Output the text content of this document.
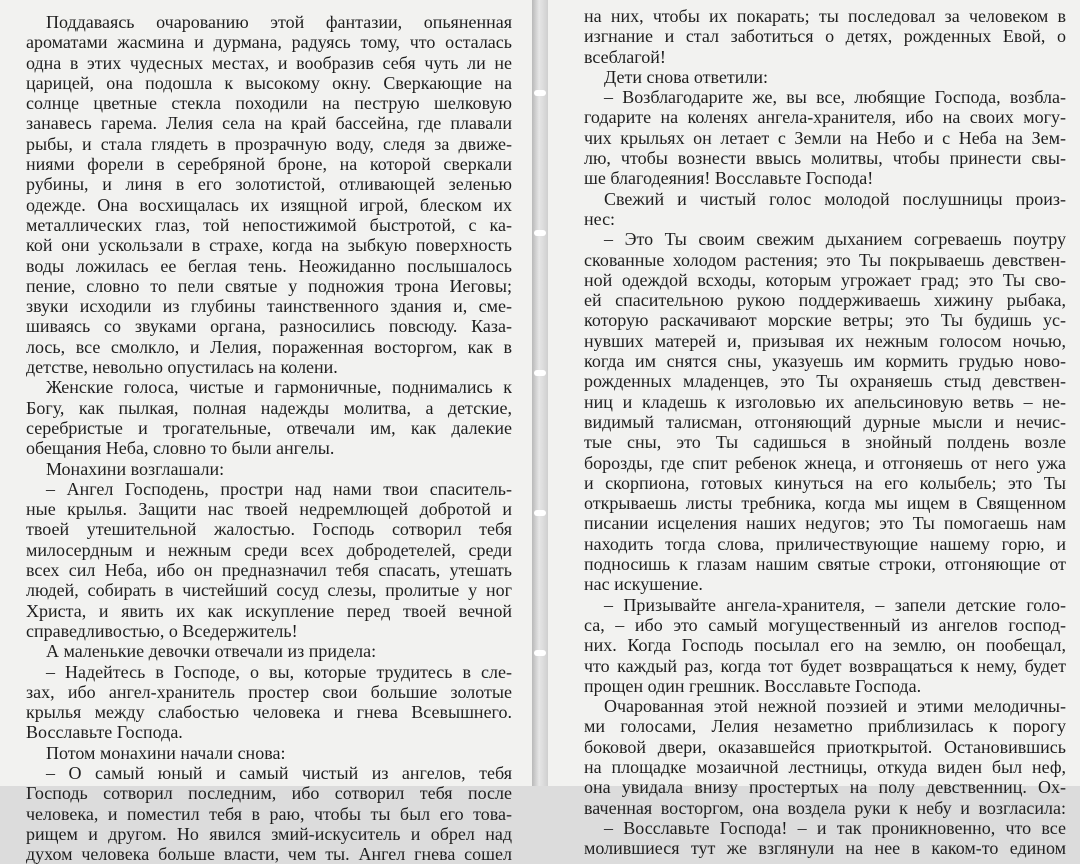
Поддаваясь очарованию этой фантазии, опьяненная
ароматами жасмина и дурмана, радуясь тому, что осталась
одна в этих чудесных местах, и вообразив себя чуть ли не
царицей, она подошла к высокому окну. Сверкающие на
солнце цветные стекла походили на пеструю шелковую
занавесь гарема. Лелия села на край бассейна, где плавали
рыбы, и стала глядеть в прозрачную воду, следя за движе-
ниями форели в серебряной броне, на которой сверкали
рубины, и линя в его золотистой, отливающей зеленью
одежде. Она восхищалась их изящной игрой, блеском их
металлических глаз, той непостижимой быстротой, с ка-
кой они ускользали в страхе, когда на зыбкую поверхность
воды ложилась ее беглая тень. Неожиданно послышалось
пение, словно то пели святые у подножия трона Иеговы;
звуки исходили из глубины таинственного здания и, сме-
шиваясь со звуками органа, разносились повсюду. Каза-
лось, все смолкло, и Лелия, пораженная восторгом, как в
детстве, невольно опустилась на колени.
Женские голоса, чистые и гармоничные, поднимались к
Богу, как пылкая, полная надежды молитва, а детские,
серебристые и трогательные, отвечали им, как далекие
обещания Неба, словно то были ангелы.
Монахини возглашали:
– Ангел Господень, простри над нами твои спаситель-
ные крылья. Защити нас твоей недремлющей добротой и
твоей утешительной жалостью. Господь сотворил тебя
милосердным и нежным среди всех добродетелей, среди
всех сил Неба, ибо он предназначил тебя спасать, утешать
людей, собирать в чистейший сосуд слезы, пролитые у ног
Христа, и явить их как искупление перед твоей вечной
справедливостью, о Вседержитель!
А маленькие девочки отвечали из придела:
– Надейтесь в Господе, о вы, которые трудитесь в сле-
зах, ибо ангел-хранитель простер свои большие золотые
крылья между слабостью человека и гнева Всевышнего.
Восславьте Господа.
Потом монахини начали снова:
– О самый юный и самый чистый из ангелов, тебя
Господь сотворил последним, ибо сотворил тебя после
человека, и поместил тебя в раю, чтобы ты был его това-
рищем и другом. Но явился змий-искуситель и обрел над
духом человека больше власти, чем ты. Ангел гнева сошел
на них, чтобы их покарать; ты последовал за человеком в
изгнание и стал заботиться о детях, рожденных Евой, о
всеблагой!
Дети снова ответили:
– Возблагодарите же, вы все, любящие Господа, возбла-
годарите на коленях ангела-хранителя, ибо на своих могу-
чих крыльях он летает с Земли на Небо и с Неба на Зем-
лю, чтобы вознести ввысь молитвы, чтобы принести свы-
ше благодеяния! Восславьте Господа!
Свежий и чистый голос молодой послушницы произ-
нес:
– Это Ты своим свежим дыханием согреваешь поутру
скованные холодом растения; это Ты покрываешь девствен-
ной одеждой всходы, которым угрожает град; это Ты сво-
ей спасительною рукою поддерживаешь хижину рыбака,
которую раскачивают морские ветры; это Ты будишь ус-
нувших матерей и, призывая их нежным голосом ночью,
когда им снятся сны, указуешь им кормить грудью ново-
рожденных младенцев, это Ты охраняешь стыд девствен-
ниц и кладешь к изголовью их апельсиновую ветвь – не-
видимый талисман, отгоняющий дурные мысли и нечис-
тые сны, это Ты садишься в знойный полдень возле
борозды, где спит ребенок жнеца, и отгоняешь от него ужа
и скорпиона, готовых кинуться на его колыбель; это Ты
открываешь листы требника, когда мы ищем в Священном
писании исцеления наших недугов; это Ты помогаешь нам
находить тогда слова, приличествующие нашему горю, и
подносишь к глазам нашим святые строки, отгоняющие от
нас искушение.
– Призывайте ангела-хранителя, – запели детские голо-
са, – ибо это самый могущественный из ангелов господ-
них. Когда Господь посылал его на землю, он пообещал,
что каждый раз, когда тот будет возвращаться к нему, будет
прощен один грешник. Восславьте Господа.
Очарованная этой нежной поэзией и этими мелодичны-
ми голосами, Лелия незаметно приблизилась к порогу
боковой двери, оказавшейся приоткрытой. Остановившись
на площадке мозаичной лестницы, откуда виден был неф,
она увидала внизу простертых на полу девственниц. Ох-
ваченная восторгом, она воздела руки к небу и возгласила:
– Восславьте Господа! – и так проникновенно, что все
молившиеся тут же взглянули на нее в каком-то едином
